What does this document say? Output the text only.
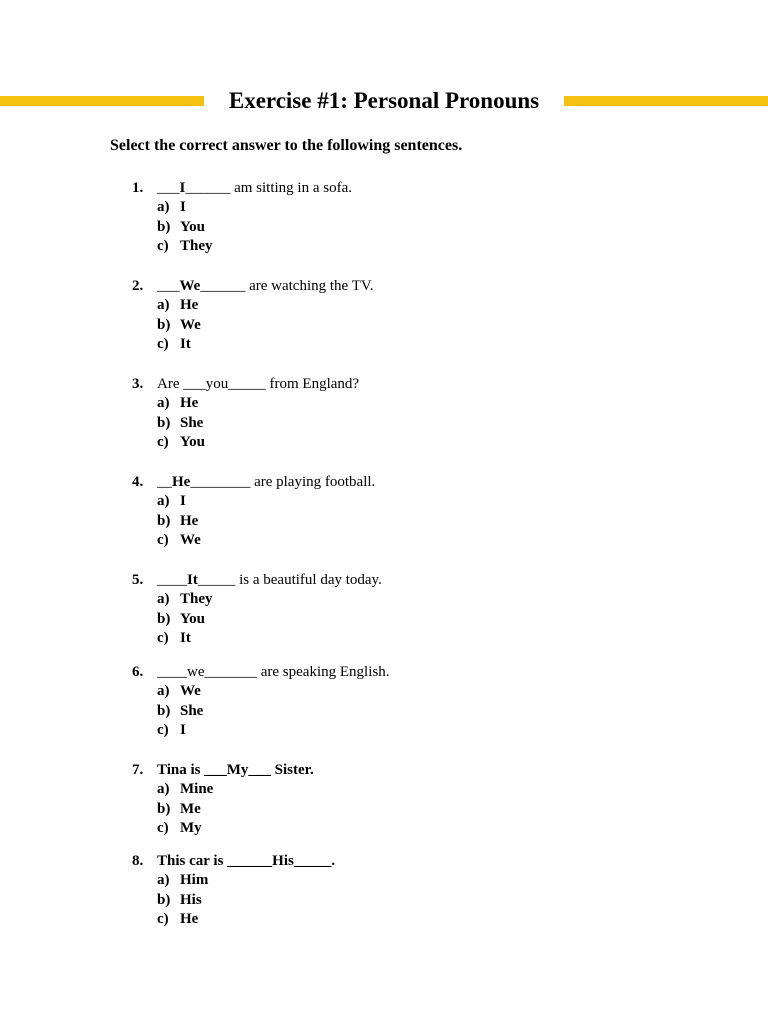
Exercise #1: Personal Pronouns
Select the correct answer to the following sentences.
1. ___I______ am sitting in a sofa.
a) I
b) You
c) They
2. ___We______ are watching the TV.
a) He
b) We
c) It
3. Are ___you_____ from England?
a) He
b) She
c) You
4. __He________ are playing football.
a) I
b) He
c) We
5. ____It_____ is a beautiful day today.
a) They
b) You
c) It
6. ____we_______ are speaking English.
a) We
b) She
c) I
7. Tina is ___My___ Sister.
a) Mine
b) Me
c) My
8. This car is ______His_____.
a) Him
b) His
c) He
